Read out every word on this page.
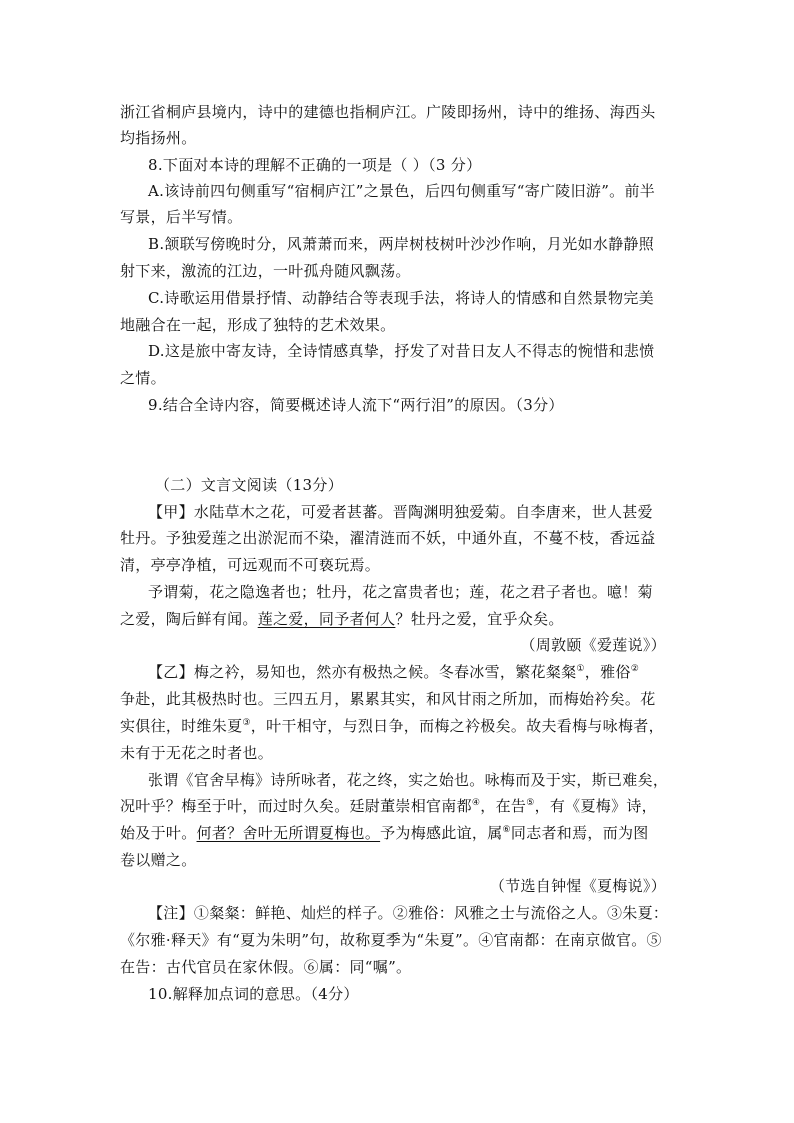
浙江省桐庐县境内，诗中的建德也指桐庐江。广陵即扬州，诗中的维扬、海西头
均指扬州。
8.下面对本诗的理解不正确的一项是（ ）（3 分）
A.该诗前四句侧重写“宿桐庐江”之景色，后四句侧重写“寄广陵旧游”。前半
写景，后半写情。
B.颔联写傍晚时分，风萧萧而来，两岸树枝树叶沙沙作响，月光如水静静照
射下来，激流的江边，一叶孤舟随风飘荡。
C.诗歌运用借景抒情、动静结合等表现手法，将诗人的情感和自然景物完美
地融合在一起，形成了独特的艺术效果。
D.这是旅中寄友诗，全诗情感真挚，抒发了对昔日友人不得志的惋惜和悲愤
之情。
9.结合全诗内容，简要概述诗人流下“两行泪”的原因。（3分）
（二）文言文阅读（13分）
【甲】水陆草木之花，可爱者甚蕃。晋陶渊明独爱菊。自李唐来，世人甚爱
牡丹。予独爱莲之出淤泥而不染，濯清涟而不妖，中通外直，不蔓不枝，香远益
清，亭亭净植，可远观而不可亵玩焉。
予谓菊，花之隐逸者也；牡丹，花之富贵者也；莲，花之君子者也。噫！菊
之爱，陶后鲜有闻。莲之爱，同予者何人？牡丹之爱，宜乎众矣。
（周敦颐《爱莲说》）
【乙】梅之衿，易知也，然亦有极热之候。冬春冰雪，繁花粲粲①，雅俗②
争赴，此其极热时也。三四五月，累累其实，和风甘雨之所加，而梅始衿矣。花
实俱往，时维朱夏③，叶干相守，与烈日争，而梅之衿极矣。故夫看梅与咏梅者，
未有于无花之时者也。
张谓《官舍早梅》诗所咏者，花之终，实之始也。咏梅而及于实，斯已难矣，
况叶乎？梅至于叶，而过时久矣。廷尉董崇相官南都④，在告⑤，有《夏梅》诗，
始及于叶。何者？舍叶无所谓夏梅也。予为梅感此谊，属⑥同志者和焉，而为图
卷以赠之。
（节选自钟惺《夏梅说》）
【注】①粲粲：鲜艳、灿烂的样子。②雅俗：风雅之士与流俗之人。③朱夏：
《尔雅·释天》有“夏为朱明”句，故称夏季为“朱夏”。④官南都：在南京做官。⑤
在告：古代官员在家休假。⑥属：同“嘱”。
10.解释加点词的意思。（4分）
